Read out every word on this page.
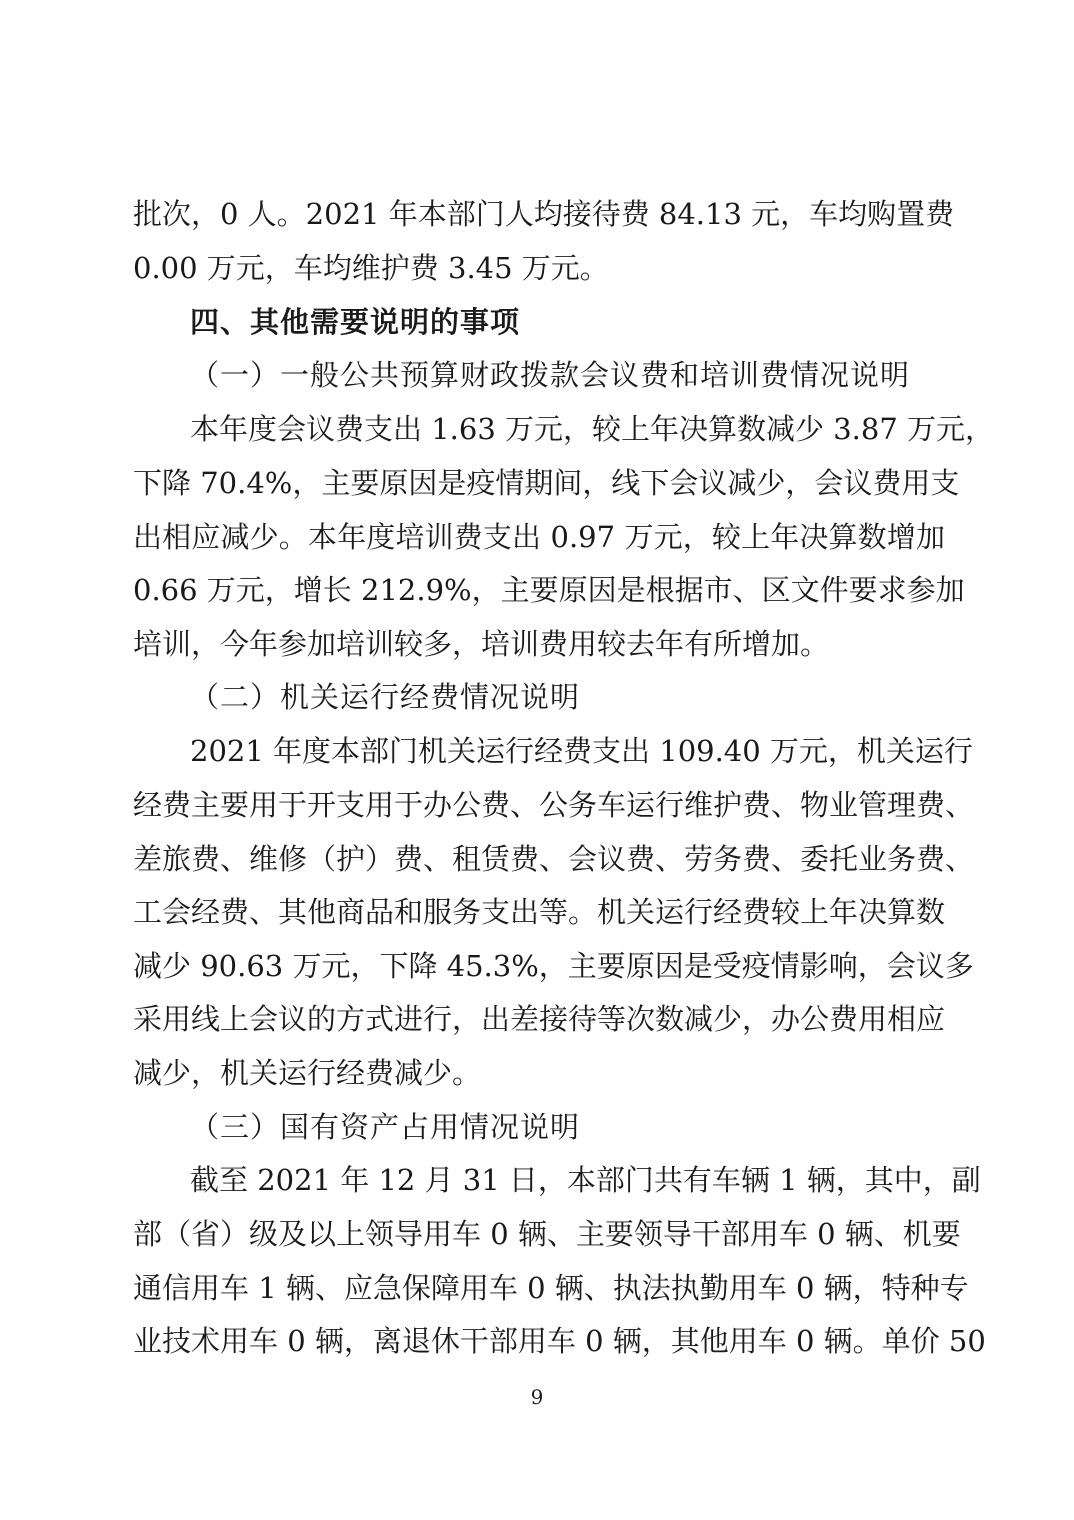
批次，0 人。2021 年本部门人均接待费 84.13 元，车均购置费
0.00 万元，车均维护费 3.45 万元。
四、其他需要说明的事项
（一）一般公共预算财政拨款会议费和培训费情况说明
本年度会议费支出 1.63 万元，较上年决算数减少 3.87 万元，
下降 70.4%，主要原因是疫情期间，线下会议减少，会议费用支
出相应减少。本年度培训费支出 0.97 万元，较上年决算数增加
0.66 万元，增长 212.9%，主要原因是根据市、区文件要求参加
培训，今年参加培训较多，培训费用较去年有所增加。
（二）机关运行经费情况说明
2021 年度本部门机关运行经费支出 109.40 万元，机关运行
经费主要用于开支用于办公费、公务车运行维护费、物业管理费、
差旅费、维修（护）费、租赁费、会议费、劳务费、委托业务费、
工会经费、其他商品和服务支出等。机关运行经费较上年决算数
减少 90.63 万元，下降 45.3%，主要原因是受疫情影响，会议多
采用线上会议的方式进行，出差接待等次数减少，办公费用相应
减少，机关运行经费减少。
（三）国有资产占用情况说明
截至 2021 年 12 月 31 日，本部门共有车辆 1 辆，其中，副
部（省）级及以上领导用车 0 辆、主要领导干部用车 0 辆、机要
通信用车 1 辆、应急保障用车 0 辆、执法执勤用车 0 辆，特种专
业技术用车 0 辆，离退休干部用车 0 辆，其他用车 0 辆。单价 50
9
